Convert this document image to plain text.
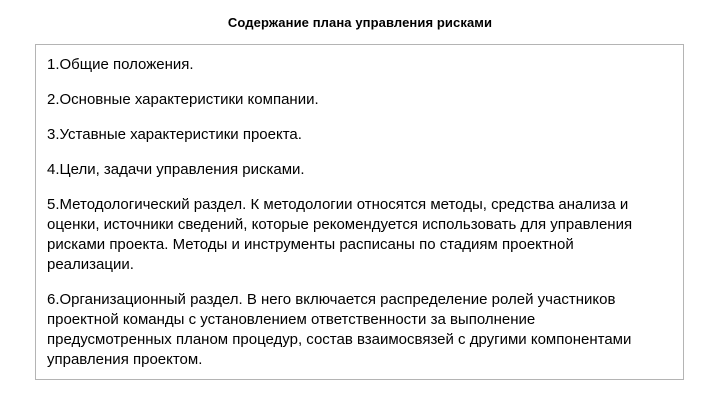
Содержание плана управления рисками

1.Общие положения.

2.Основные характеристики компании.

3.Уставные характеристики проекта.

4.Цели, задачи управления рисками.

5.Методологический раздел. К методологии относятся методы, средства анализа и
оценки, источники сведений, которые рекомендуется использовать для управления
рисками проекта. Методы и инструменты расписаны по стадиям проектной
реализации.

6.Организационный раздел. В него включается распределение ролей участников
проектной команды с установлением ответственности за выполнение
предусмотренных планом процедур, состав взаимосвязей с другими компонентами
управления проектом.
